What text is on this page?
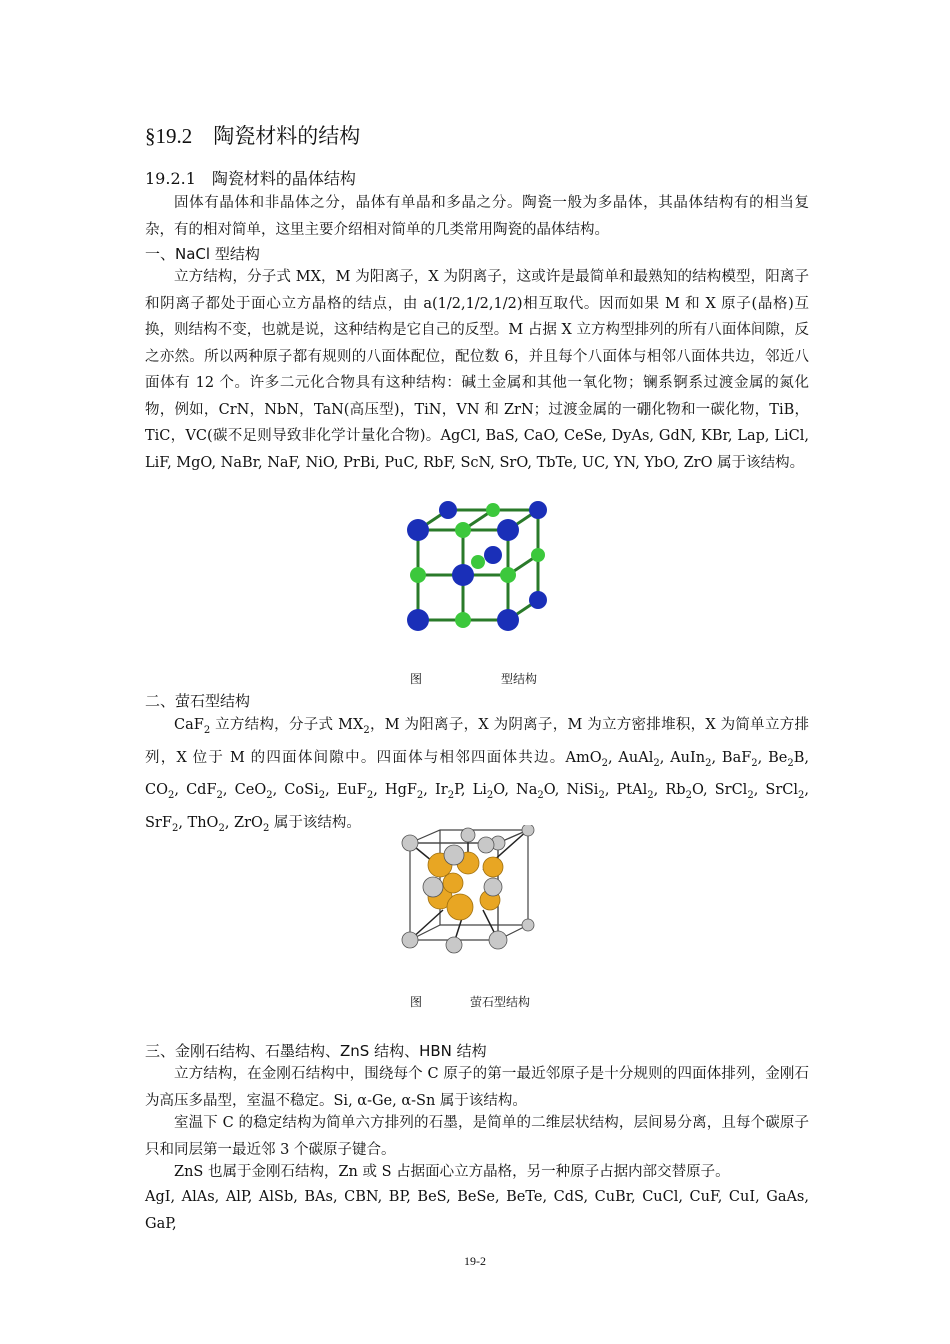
§19.2　陶瓷材料的结构
19.2.1　陶瓷材料的晶体结构

固体有晶体和非晶体之分，晶体有单晶和多晶之分。陶瓷一般为多晶体，其晶体结构有的相当复杂，有的相对简单，这里主要介绍相对简单的几类常用陶瓷的晶体结构。

一、NaCl 型结构

立方结构，分子式 MX，M 为阳离子，X 为阴离子，这或许是最简单和最熟知的结构模型，阳离子和阴离子都处于面心立方晶格的结点，由 a(1/2,1/2,1/2)相互取代。因而如果 M 和 X 原子(晶格)互换，则结构不变，也就是说，这种结构是它自己的反型。M 占据 X 立方构型排列的所有八面体间隙，反之亦然。所以两种原子都有规则的八面体配位，配位数 6，并且每个八面体与相邻八面体共边，邻近八面体有 12 个。许多二元化合物具有这种结构：碱土金属和其他一氧化物；镧系锕系过渡金属的氮化物，例如，CrN，NbN，TaN(高压型)，TiN，VN 和 ZrN；过渡金属的一硼化物和一碳化物，TiB，TiC，VC(碳不足则导致非化学计量化合物)。AgCl, BaS, CaO, CeSe, DyAs, GdN, KBr, Lap, LiCl, LiF, MgO, NaBr, NaF, NiO, PrBi, PuC, RbF, ScN, SrO, TbTe, UC, YN, YbO, ZrO 属于该结构。

图	型结构
二、萤石型结构

CaF$_2$ 立方结构，分子式 $MX_2$，M 为阳离子，X 为阴离子，M 为立方密排堆积，X 为简单立方排列，X 位于 M 的四面体间隙中。四面体与相邻四面体共边。AmO$_2$, AuAl$_2$, AuIn$_2$, BaF$_2$, $Be_2B$, $CO_2$, CdF$_2$, CeO$_2$, CoSi$_2$, EuF$_2$, HgF$_2$, $Ir_2P$, $Li_2O$, $Na_2O$, NiSi$_2$, PtAl$_2$, $Rb_2O$, SrCl$_2$, SrCl$_2$, SrF$_2$, ThO$_2$, ZrO$_2$ 属于该结构。

图	萤石型结构
三、金刚石结构、石墨结构、ZnS 结构、HBN 结构

立方结构，在金刚石结构中，围绕每个 C 原子的第一最近邻原子是十分规则的四面体排列，金刚石为高压多晶型，室温不稳定。Si, α-Ge, α-Sn 属于该结构。

室温下 C 的稳定结构为简单六方排列的石墨，是简单的二维层状结构，层间易分离，且每个碳原子只和同层第一最近邻 3 个碳原子键合。

ZnS 也属于金刚石结构，Zn 或 S 占据面心立方晶格，另一种原子占据内部交替原子。

AgI, AlAs, AlP, AlSb, BAs, CBN, BP, BeS, BeSe, BeTe, CdS, CuBr, CuCl, CuF, CuI, GaAs, GaP,

19-2
